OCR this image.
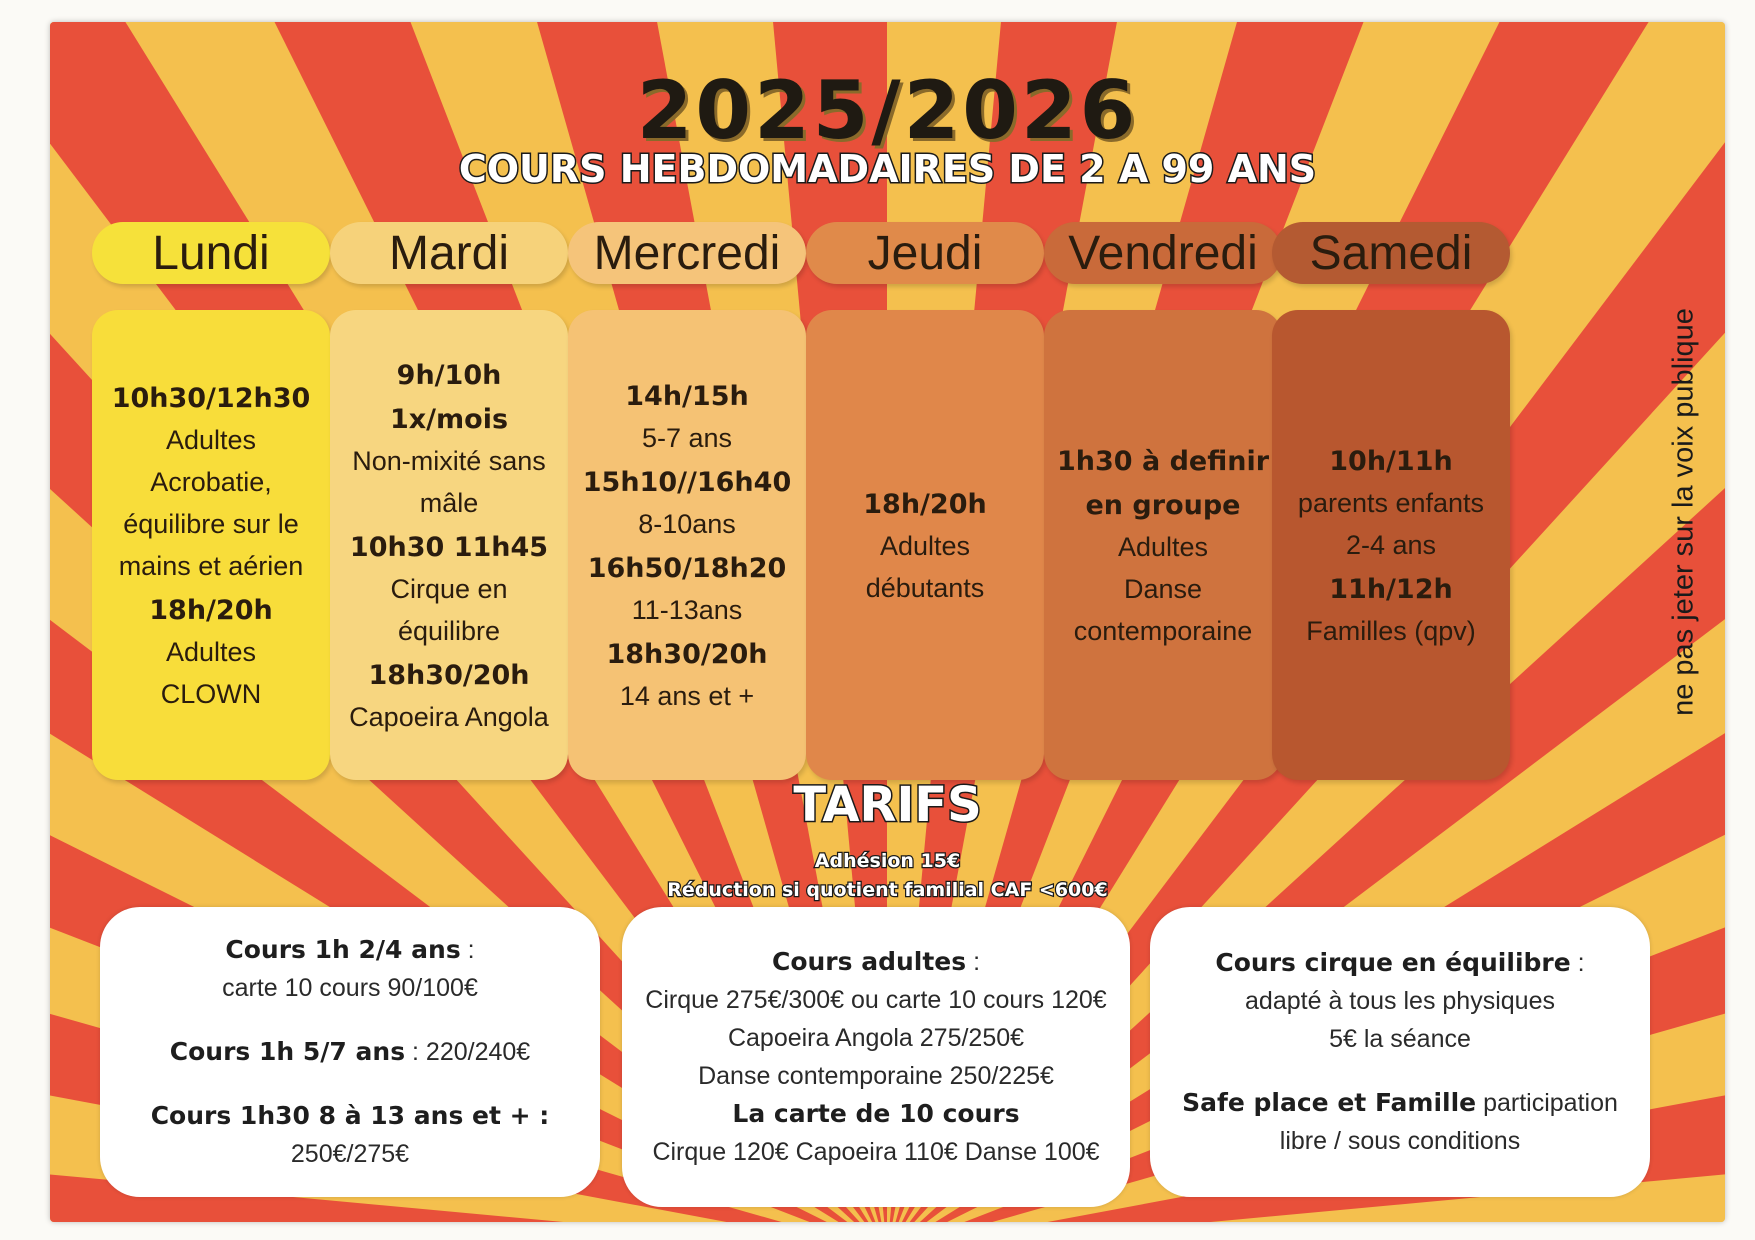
2025/2026
COURS HEBDOMADAIRES DE 2 A 99 ANS
Lundi
10h30/12h30
Adultes
Acrobatie,
équilibre sur le
mains et aérien
18h/20h
Adultes
CLOWN
Mardi
9h/10h
1x/mois
Non-mixité sans
mâle
10h30 11h45
Cirque en équilibre
18h30/20h
Capoeira Angola
Mercredi
14h/15h
5-7 ans
15h10//16h40
8-10ans
16h50/18h20
11-13ans
18h30/20h
14 ans et +
Jeudi
18h/20h
Adultes
débutants
Vendredi
1h30 à definir
en groupe
Adultes
Danse
contemporaine
Samedi
10h/11h
parents enfants
2-4 ans
11h/12h
Familles (qpv)	ne pas jeter sur la voix publique
TARIFS
Adhésion 15€
Réduction si quotient familial CAF <600€
Cours 1h 2/4 ans :
carte 10 cours 90/100€
Cours 1h 5/7 ans : 220/240€
Cours 1h30 8 à 13 ans et + :
250€/275€
Cours adultes :
Cirque 275€/300€ ou carte 10 cours 120€
Capoeira Angola 275/250€
Danse contemporaine 250/225€
La carte de 10 cours
Cirque 120€ Capoeira 110€ Danse 100€
Cours cirque en équilibre :
adapté à tous les physiques
5€ la séance
Safe place et Famille participation
libre / sous conditions
